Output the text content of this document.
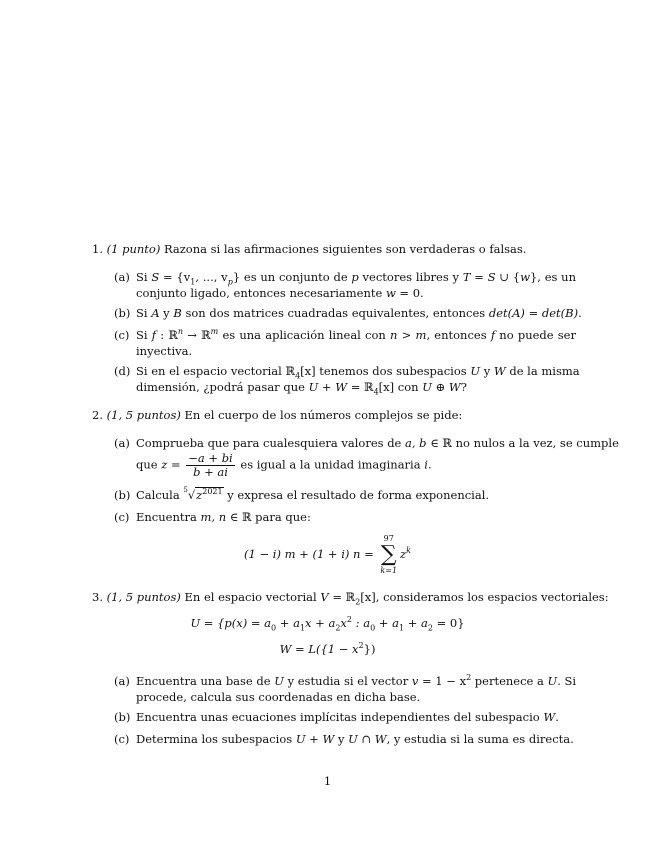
1. (1 punto) Razona si las afirmaciones siguientes son verdaderas o falsas.
(a) Si $S = \{v_1$, ..., $v_p$} es un conjunto de p vectores libres y T = S ∪ {w}, es un
conjunto ligado, entonces necesariamente w = 0.
(b) Si A y B son dos matrices cuadradas equivalentes, entonces det(A) = det(B).
(c) Si f : ℝ$^n$ → ℝ$^m$ es una aplicación lineal con n > m, entonces f no puede ser
inyectiva.
(d) Si en el espacio vectorial ℝ$_4$[x] tenemos dos subespacios U y W de la misma
dimensión, ¿podrá pasar que U + W = ℝ$_4$[x] con U ⊕ W?
2. (1, 5 puntos) En el cuerpo de los números complejos se pide:
(a) Comprueba que para cualesquiera valores de a, b ∈ ℝ no nulos a la vez, se cumple
que $z = \frac{-a + bi}{b + ai}$ es igual a la unidad imaginaria i.
(b) Calcula $^5√z^{2021}$ y expresa el resultado de forma exponencial.
(c) Encuentra m, n ∈ ℝ para que:
(1 − i) m + (1 + i) n =
97
∑
k=1
$z^k$
3. (1, 5 puntos) En el espacio vectorial V = ℝ$_2$[x], consideramos los espacios vectoriales:
$U = \{p(x) = a_0 + a_1x + a_2x^2$ : $a_0 + a_1 + a_2 = 0$}
$W = L(\{1 - x^2\})$
(a) Encuentra una base de U y estudia si el vector $v = 1 - x^2$ pertenece a U. Si
procede, calcula sus coordenadas en dicha base.
(b) Encuentra unas ecuaciones implícitas independientes del subespacio W.
(c) Determina los subespacios U + W y U ∩ W, y estudia si la suma es directa.
1
